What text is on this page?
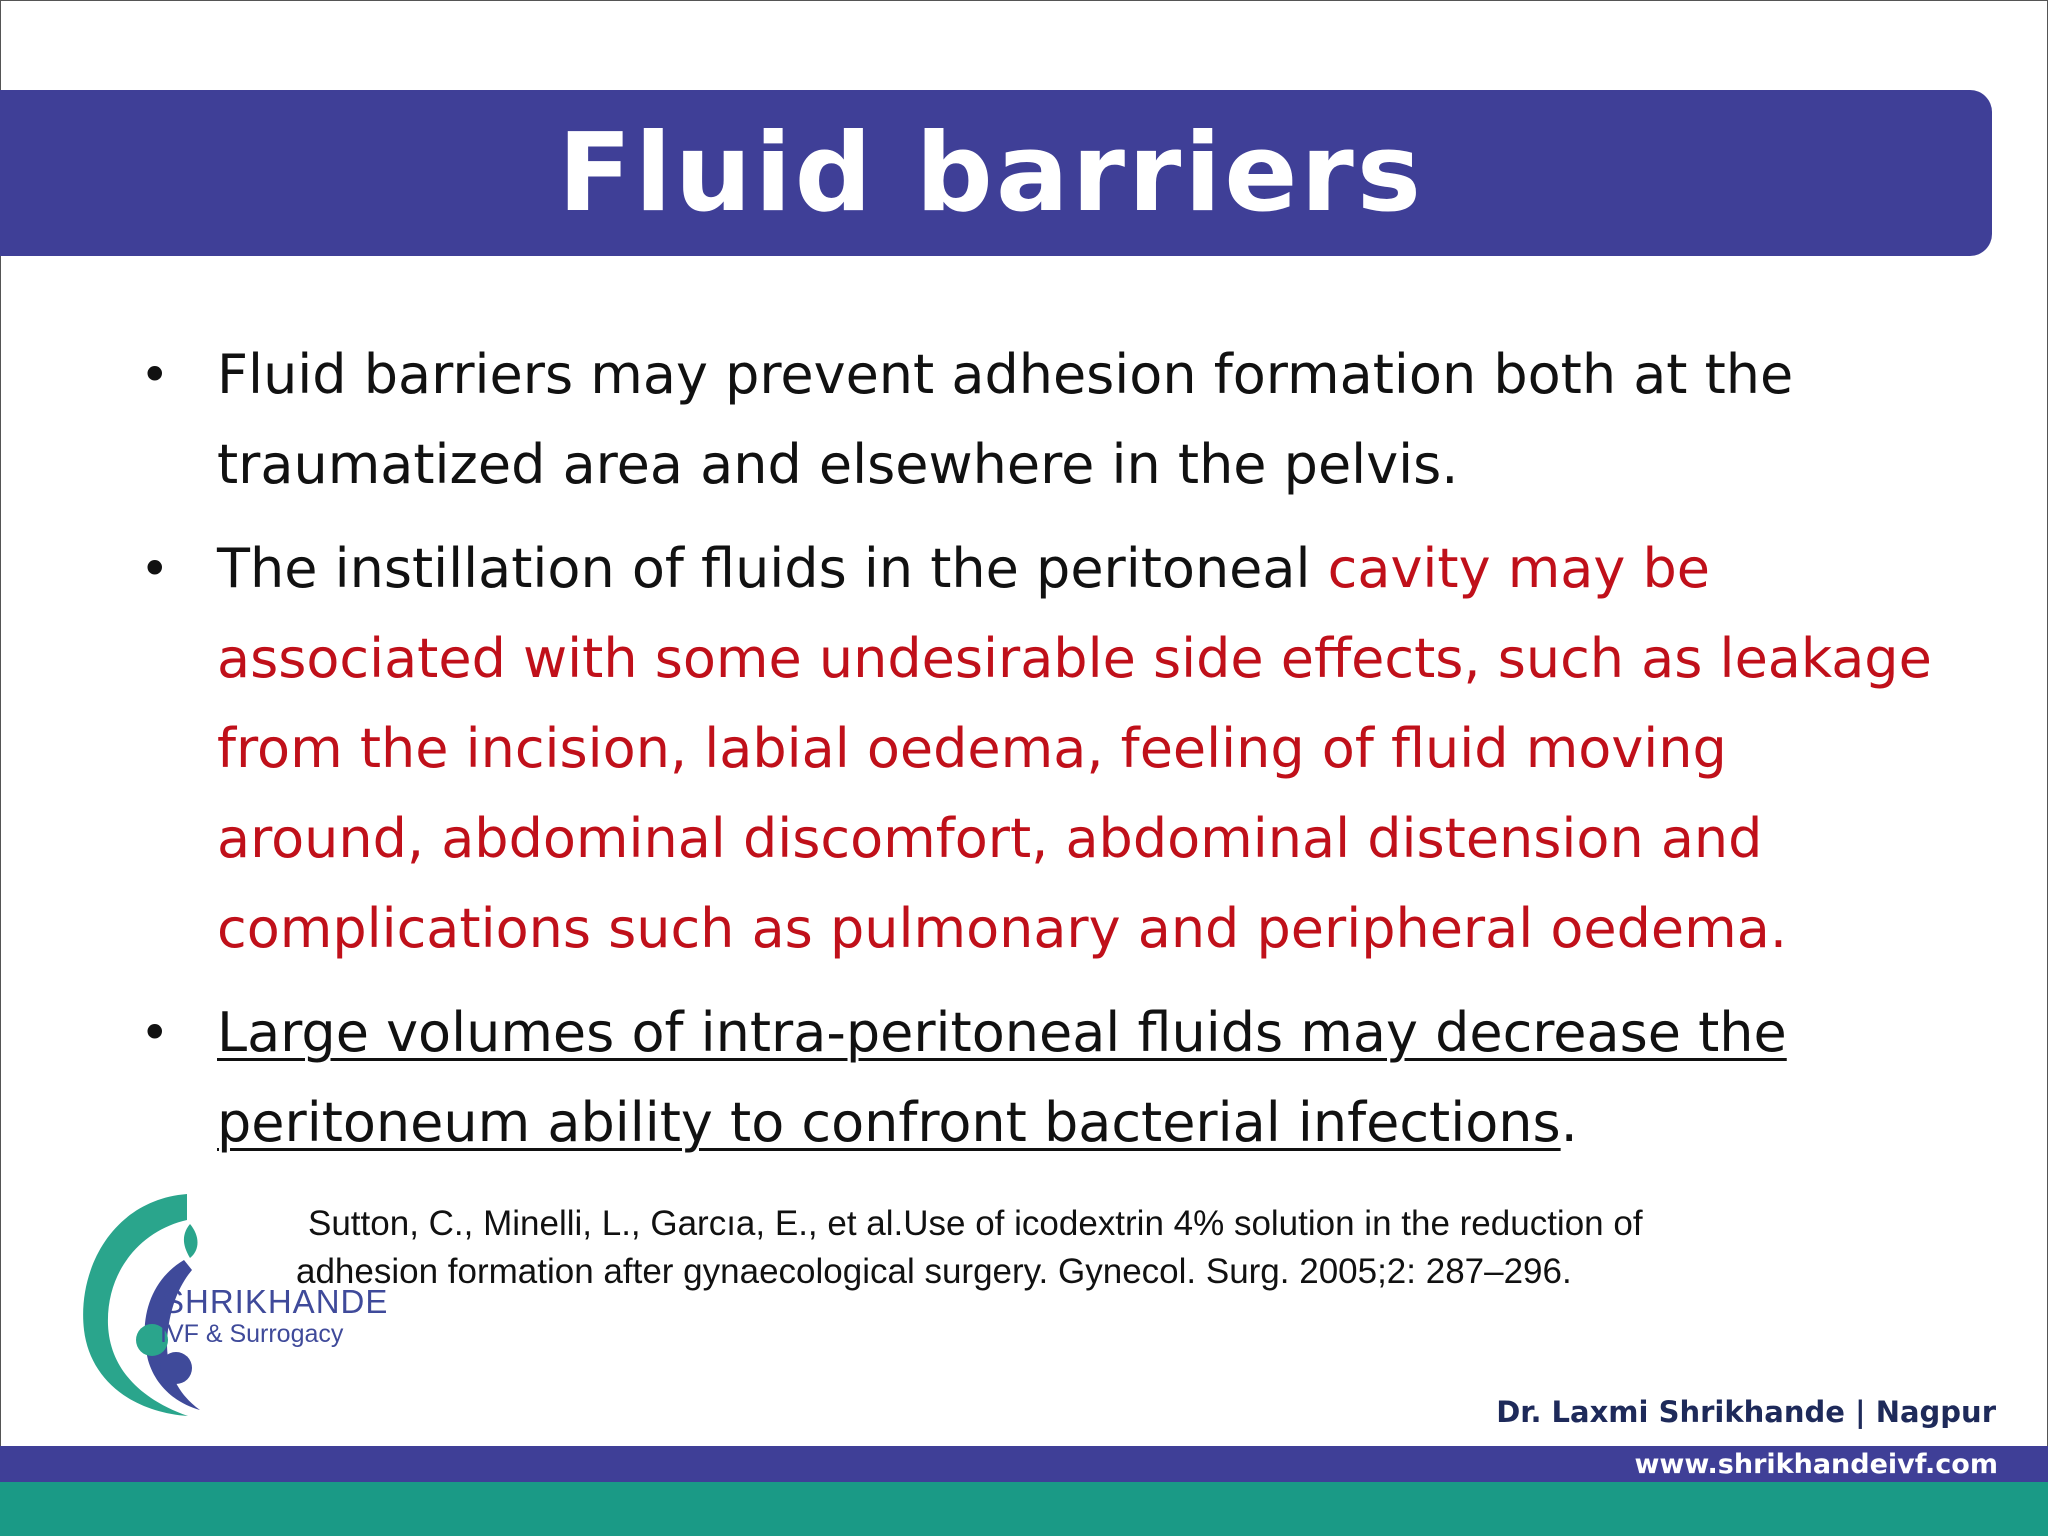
Fluid barriers
• Fluid barriers may prevent adhesion formation both at the traumatized area and elsewhere in the pelvis.
• The instillation of fluids in the peritoneal cavity may be associated with some undesirable side effects, such as leakage from the incision, labial oedema, feeling of fluid moving around, abdominal discomfort, abdominal distension and complications such as pulmonary and peripheral oedema.
• Large volumes of intra-peritoneal fluids may decrease the peritoneum ability to confront bacterial infections.
SHRIKHANDE
IVF & Surrogacy
Sutton, C., Minelli, L., Garcıa, E., et al.Use of icodextrin 4% solution in the reduction of
adhesion formation after gynaecological surgery. Gynecol. Surg. 2005;2: 287–296.
Dr. Laxmi Shrikhande | Nagpur
www.shrikhandeivf.com
